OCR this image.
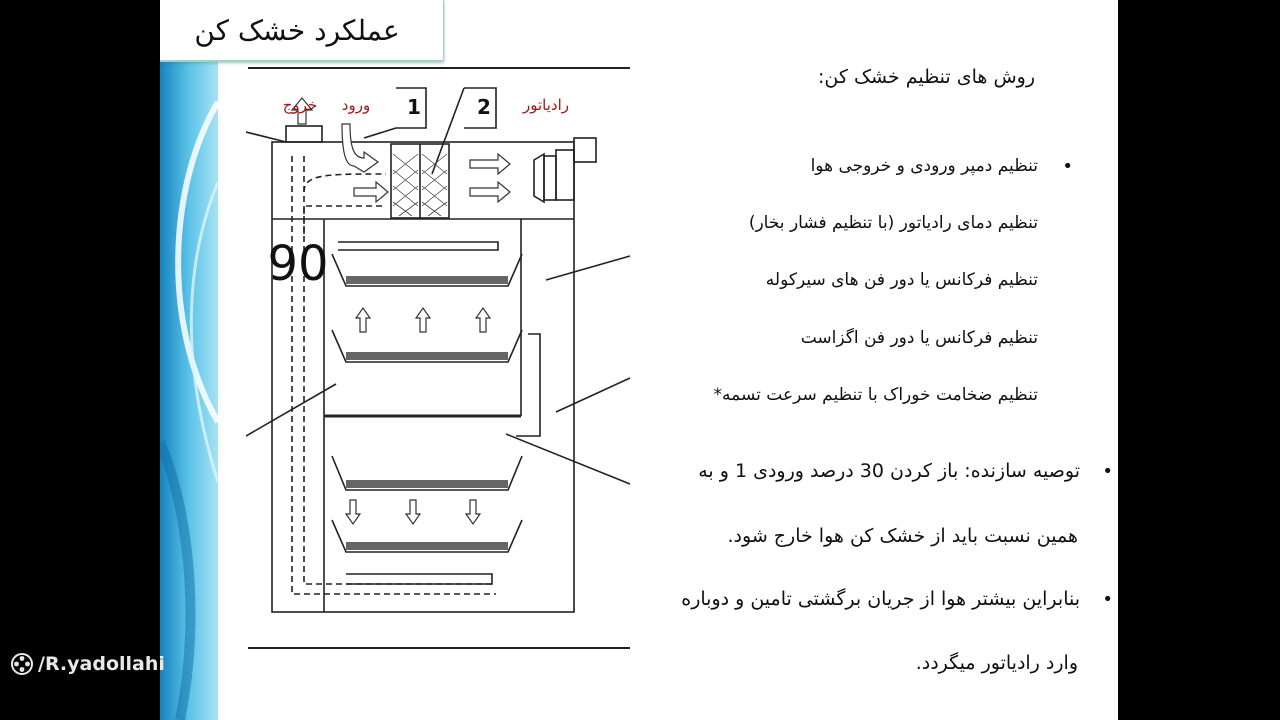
عملکرد خشک کن
خروج ورود 1	2 رادیاتور
90
روش های تنظیم خشک کن:
•
تنظیم دمپر ورودی و خروجی هوا
تنظیم دمای رادیاتور (با تنظیم فشار بخار)
تنظیم فرکانس یا دور فن های سیرکوله
تنظیم فرکانس یا دور فن اگزاست
تنظیم ضخامت خوراک با تنظیم سرعت تسمه*
•
توصیه سازنده: باز کردن 30 درصد ورودی 1 و به
همین نسبت باید از خشک کن هوا خارج شود.
•
بنابراین بیشتر هوا از جریان برگشتی تامین و دوباره
وارد رادیاتور میگردد.
/R.yadollahi
